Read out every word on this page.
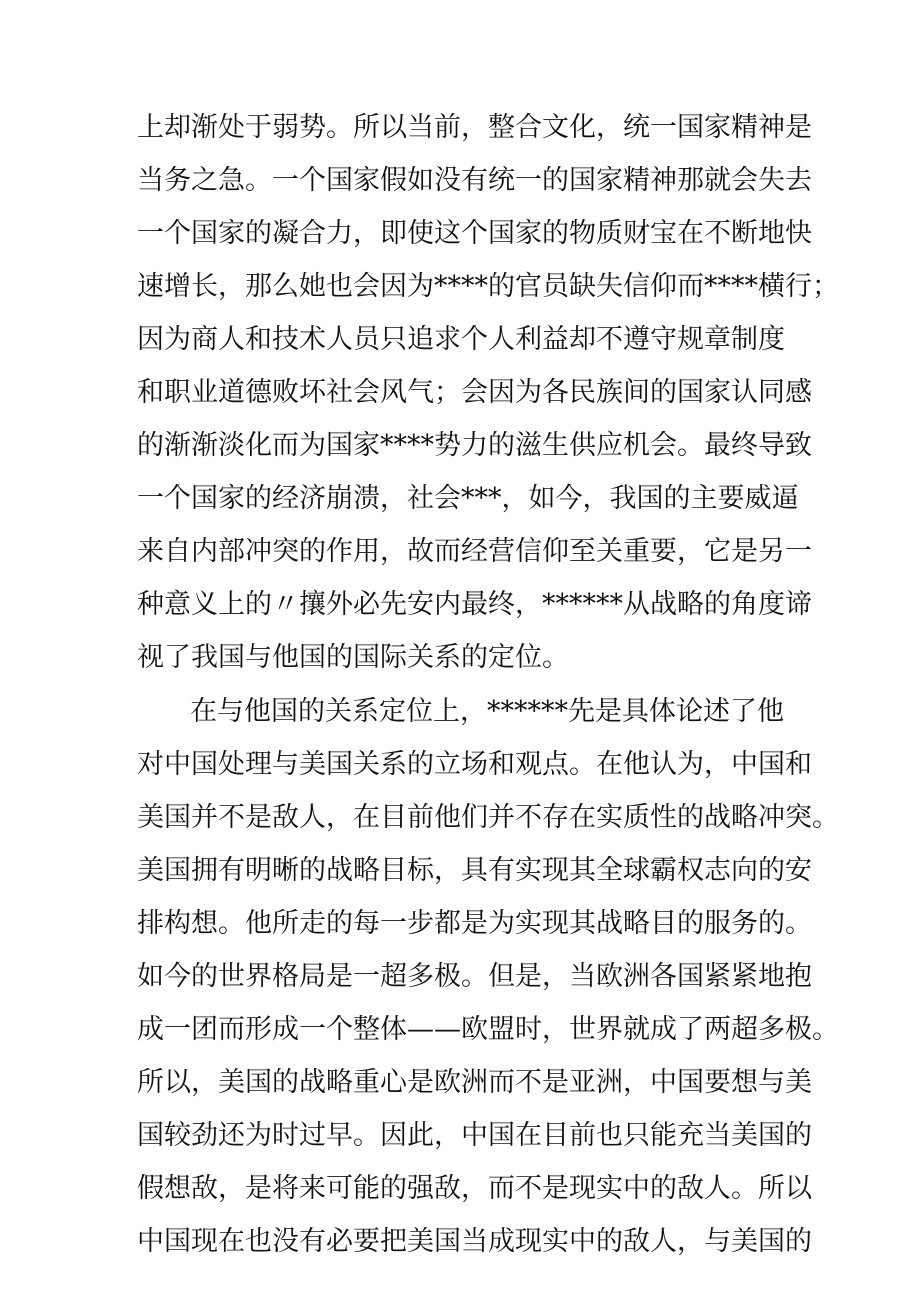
上却渐处于弱势。所以当前，整合文化，统一国家精神是
当务之急。一个国家假如没有统一的国家精神那就会失去
一个国家的凝合力，即使这个国家的物质财宝在不断地快
速增长，那么她也会因为****的官员缺失信仰而****横行；
因为商人和技术人员只追求个人利益却不遵守规章制度
和职业道德败坏社会风气；会因为各民族间的国家认同感
的渐渐淡化而为国家****势力的滋生供应机会。最终导致
一个国家的经济崩溃，社会***，如今，我国的主要威逼
来自内部冲突的作用，故而经营信仰至关重要，它是另一
种意义上的〃攘外必先安内最终，******从战略的角度谛
视了我国与他国的国际关系的定位。
在与他国的关系定位上，******先是具体论述了他
对中国处理与美国关系的立场和观点。在他认为，中国和
美国并不是敌人，在目前他们并不存在实质性的战略冲突。
美国拥有明晰的战略目标，具有实现其全球霸权志向的安
排构想。他所走的每一步都是为实现其战略目的服务的。
如今的世界格局是一超多极。但是，当欧洲各国紧紧地抱
成一团而形成一个整体——欧盟时，世界就成了两超多极。
所以，美国的战略重心是欧洲而不是亚洲，中国要想与美
国较劲还为时过早。因此，中国在目前也只能充当美国的
假想敌，是将来可能的强敌，而不是现实中的敌人。所以
中国现在也没有必要把美国当成现实中的敌人，与美国的
